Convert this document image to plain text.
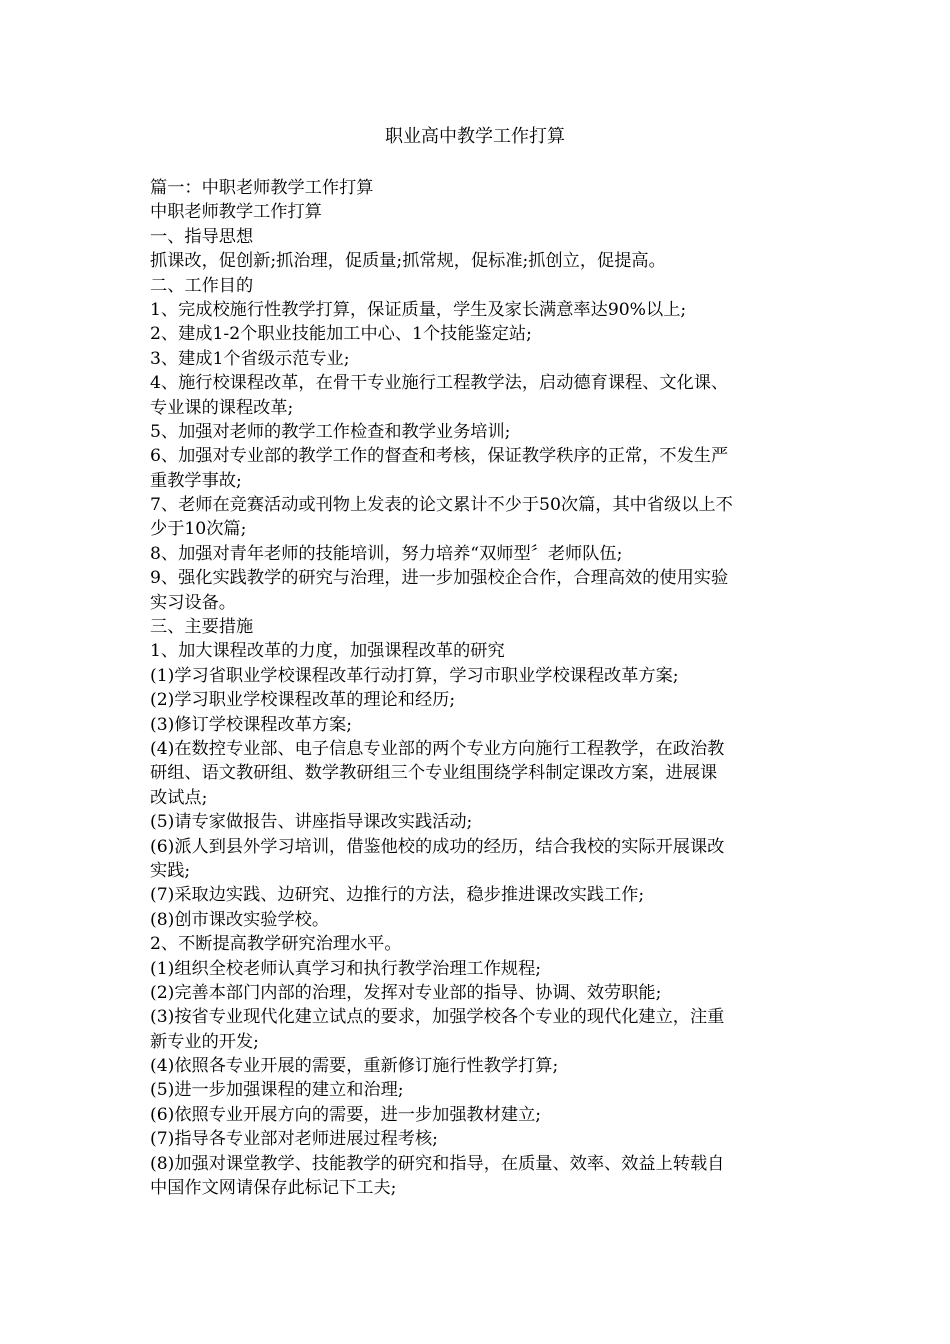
职业高中教学工作打算
篇一：中职老师教学工作打算
中职老师教学工作打算
一、指导思想
抓课改，促创新;抓治理，促质量;抓常规，促标准;抓创立，促提高。
二、工作目的
1、完成校施行性教学打算，保证质量，学生及家长满意率达90%以上;
2、建成1-2个职业技能加工中心、1个技能鉴定站;
3、建成1个省级示范专业;
4、施行校课程改革，在骨干专业施行工程教学法，启动德育课程、文化课、
专业课的课程改革;
5、加强对老师的教学工作检查和教学业务培训;
6、加强对专业部的教学工作的督查和考核，保证教学秩序的正常，不发生严
重教学事故;
7、老师在竞赛活动或刊物上发表的论文累计不少于50次篇，其中省级以上不
少于10次篇;
8、加强对青年老师的技能培训，努力培养“双师型〞老师队伍;
9、强化实践教学的研究与治理，进一步加强校企合作，合理高效的使用实验
实习设备。
三、主要措施
1、加大课程改革的力度，加强课程改革的研究
(1)学习省职业学校课程改革行动打算，学习市职业学校课程改革方案;
(2)学习职业学校课程改革的理论和经历;
(3)修订学校课程改革方案;
(4)在数控专业部、电子信息专业部的两个专业方向施行工程教学，在政治教
研组、语文教研组、数学教研组三个专业组围绕学科制定课改方案，进展课
改试点;
(5)请专家做报告、讲座指导课改实践活动;
(6)派人到县外学习培训，借鉴他校的成功的经历，结合我校的实际开展课改
实践;
(7)采取边实践、边研究、边推行的方法，稳步推进课改实践工作;
(8)创市课改实验学校。
2、不断提高教学研究治理水平。
(1)组织全校老师认真学习和执行教学治理工作规程;
(2)完善本部门内部的治理，发挥对专业部的指导、协调、效劳职能;
(3)按省专业现代化建立试点的要求，加强学校各个专业的现代化建立，注重
新专业的开发;
(4)依照各专业开展的需要，重新修订施行性教学打算;
(5)进一步加强课程的建立和治理;
(6)依照专业开展方向的需要，进一步加强教材建立;
(7)指导各专业部对老师进展过程考核;
(8)加强对课堂教学、技能教学的研究和指导，在质量、效率、效益上转载自
中国作文网请保存此标记下工夫;
